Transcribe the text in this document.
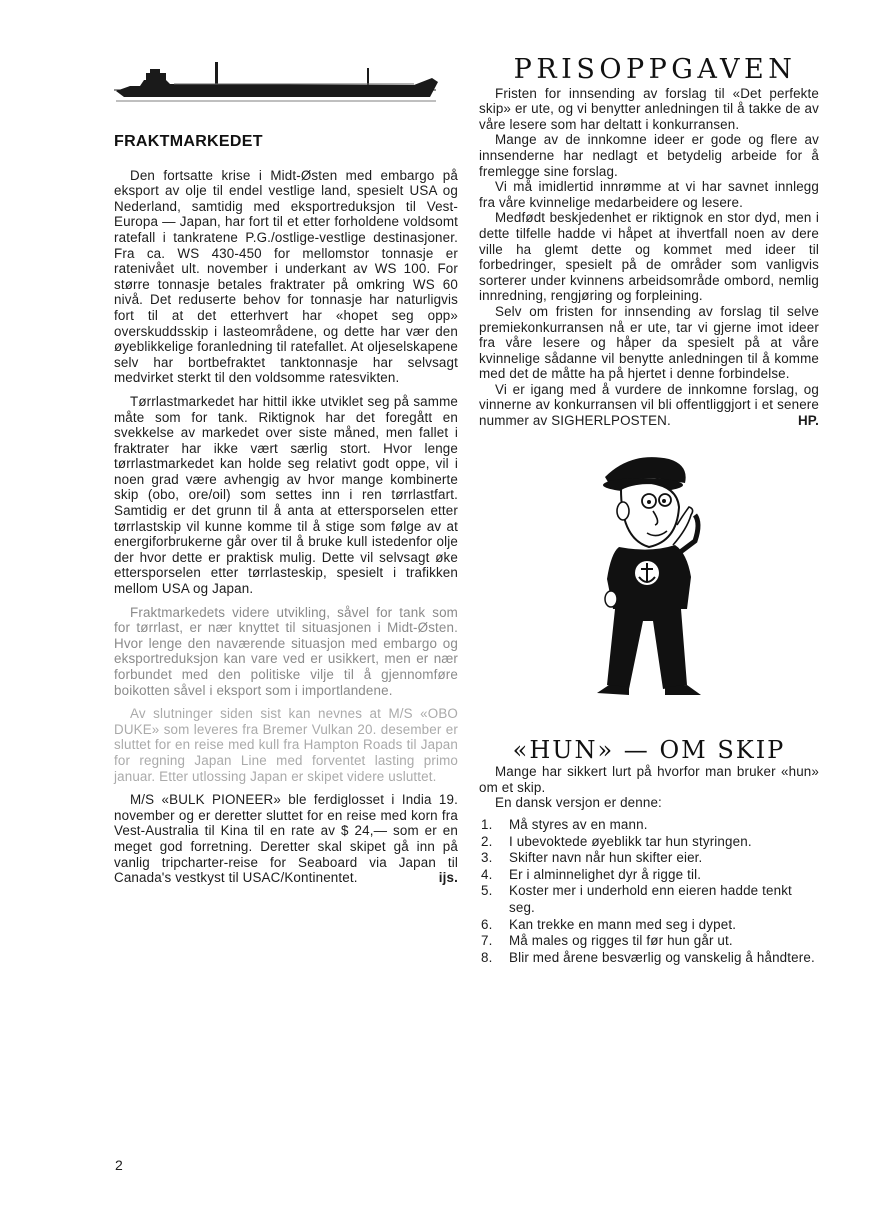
FRAKTMARKEDET

Den fortsatte krise i Midt-Østen med embargo på eksport av olje til endel vestlige land, spesielt USA og Nederland, samtidig med eksportreduksjon til Vest-Europa — Japan, har fort til et etter forholdene voldsomt ratefall i tankratene P.G./ostlige-vestlige destinasjoner. Fra ca. WS 430-450 for mellomstor tonnasje er ratenivået ult. november i underkant av WS 100. For større tonnasje betales fraktrater på omkring WS 60 nivå. Det reduserte behov for tonnasje har naturligvis fort til at det etterhvert har «hopet seg opp» overskuddsskip i lasteområdene, og dette har vær den øyeblikkelige foranledning til ratefallet. At oljeselskapene selv har bortbefraktet tanktonnasje har selvsagt medvirket sterkt til den voldsomme ratesvikten.

Tørrlastmarkedet har hittil ikke utviklet seg på samme måte som for tank. Riktignok har det foregått en svekkelse av markedet over siste måned, men fallet i fraktrater har ikke vært særlig stort. Hvor lenge tørrlastmarkedet kan holde seg relativt godt oppe, vil i noen grad være avhengig av hvor mange kombinerte skip (obo, ore/oil) som settes inn i ren tørrlastfart. Samtidig er det grunn til å anta at ettersporselen etter tørrlastskip vil kunne komme til å stige som følge av at energiforbrukerne går over til å bruke kull istedenfor olje der hvor dette er praktisk mulig. Dette vil selvsagt øke ettersporselen etter tørrlasteskip, spesielt i trafikken mellom USA og Japan.

Fraktmarkedets videre utvikling, såvel for tank som for tørrlast, er nær knyttet til situasjonen i Midt-Østen. Hvor lenge den naværende situasjon med embargo og eksportreduksjon kan vare ved er usikkert, men er nær forbundet med den politiske vilje til å gjennomføre boikotten såvel i eksport som i importlandene.

Av slutninger siden sist kan nevnes at M/S «OBO DUKE» som leveres fra Bremer Vulkan 20. desember er sluttet for en reise med kull fra Hampton Roads til Japan for regning Japan Line med forventet lasting primo januar. Etter utlossing Japan er skipet videre usluttet.

M/S «BULK PIONEER» ble ferdiglosset i India 19. november og er deretter sluttet for en reise med korn fra Vest-Australia til Kina til en rate av $ 24,— som er en meget god forretning. Deretter skal skipet gå inn på vanlig tripcharter-reise for Seaboard via Japan til Canada's vestkyst til USAC/Kontinentet.	ijs.

PRISOPPGAVEN

Fristen for innsending av forslag til «Det perfekte skip» er ute, og vi benytter anledningen til å takke de av våre lesere som har deltatt i konkurransen.

Mange av de innkomne ideer er gode og flere av innsenderne har nedlagt et betydelig arbeide for å fremlegge sine forslag.

Vi må imidlertid innrømme at vi har savnet innlegg fra våre kvinnelige medarbeidere og lesere.

Medfødt beskjedenhet er riktignok en stor dyd, men i dette tilfelle hadde vi håpet at ihvertfall noen av dere ville ha glemt dette og kommet med ideer til forbedringer, spesielt på de områder som vanligvis sorterer under kvinnens arbeidsområde ombord, nemlig innredning, rengjøring og forpleining.

Selv om fristen for innsending av forslag til selve premiekonkurransen nå er ute, tar vi gjerne imot ideer fra våre lesere og håper da spesielt på at våre kvinnelige sådanne vil benytte anledningen til å komme med det de måtte ha på hjertet i denne forbindelse.

Vi er igang med å vurdere de innkomne forslag, og vinnerne av konkurransen vil bli offentliggjort i et senere nummer av SIGHERLPOSTEN.	HP.

«HUN» — OM SKIP

Mange har sikkert lurt på hvorfor man bruker «hun» om et skip.

En dansk versjon er denne:

1. Må styres av en mann.
2. I ubevoktede øyeblikk tar hun styringen.
3. Skifter navn når hun skifter eier.
4. Er i alminnelighet dyr å rigge til.
5. Koster mer i underhold enn eieren hadde tenkt seg.
6. Kan trekke en mann med seg i dypet.
7. Må males og rigges til før hun går ut.
8. Blir med årene besværlig og vanskelig å håndtere.
2
